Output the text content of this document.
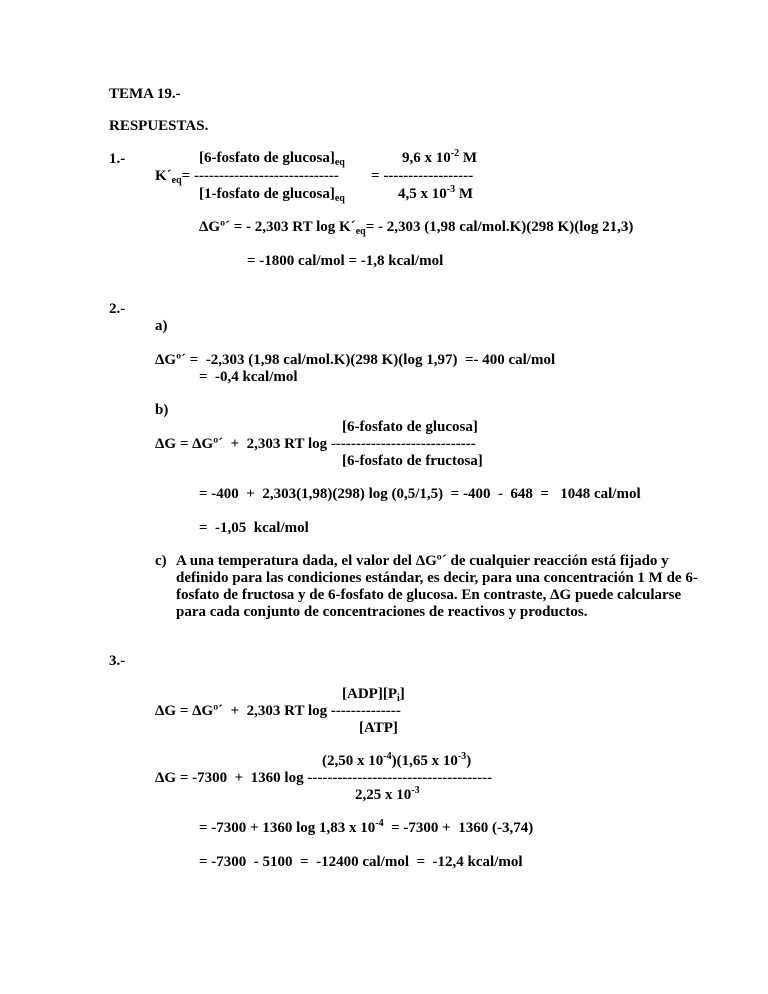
TEMA 19.-
RESPUESTAS.
1.-	[6-fosfato de $glucosa]_{eq}$	9,6 x $10^{-2}$ M
$K´_{eq}=$ ----------------------------- = ------------------
[1-fosfato de $glucosa]_{eq}$	4,5 x $10^{-3}$ M
ΔGº´ = - 2,303 RT $\log K´_{eq}= - 2,303$ (1,98 cal/mol.K)(298 K)(log 21,3)
= -1800 cal/mol = -1,8 kcal/mol
2.-
a)
ΔGº´ =  -2,303 (1,98 cal/mol.K)(298 K)(log 1,97)  =- 400 cal/mol
=  -0,4 kcal/mol
b)
[6-fosfato de glucosa]
ΔG = ΔGº´  +  2,303 RT log -----------------------------
[6-fosfato de fructosa]
= -400  +  2,303(1,98)(298) log (0,5/1,5)  = -400  -  648  =   1048 cal/mol
=  -1,05  kcal/mol
c) A una temperatura dada, el valor del ΔGº´ de cualquier reacción está fijado y definido para las condiciones estándar, es decir, para una concentración 1 M de 6-fosfato de fructosa y de 6-fosfato de glucosa. En contraste, ΔG puede calcularse para cada conjunto de concentraciones de reactivos y productos.
3.-
$[ADP][P_i]$
ΔG = ΔGº´  +  2,303 RT log --------------
[ATP]
(2,50 x $10^{-4})(1,65$ x $10^{-3}$)
ΔG = -7300  +  1360 log -------------------------------------
2,25 x $10^{-3}$
= -7300 + 1360 log 1,83 x $10^{-4} = -7300 + 1360$ (-3,74)
= -7300  - 5100  =  -12400 cal/mol  =  -12,4 kcal/mol
